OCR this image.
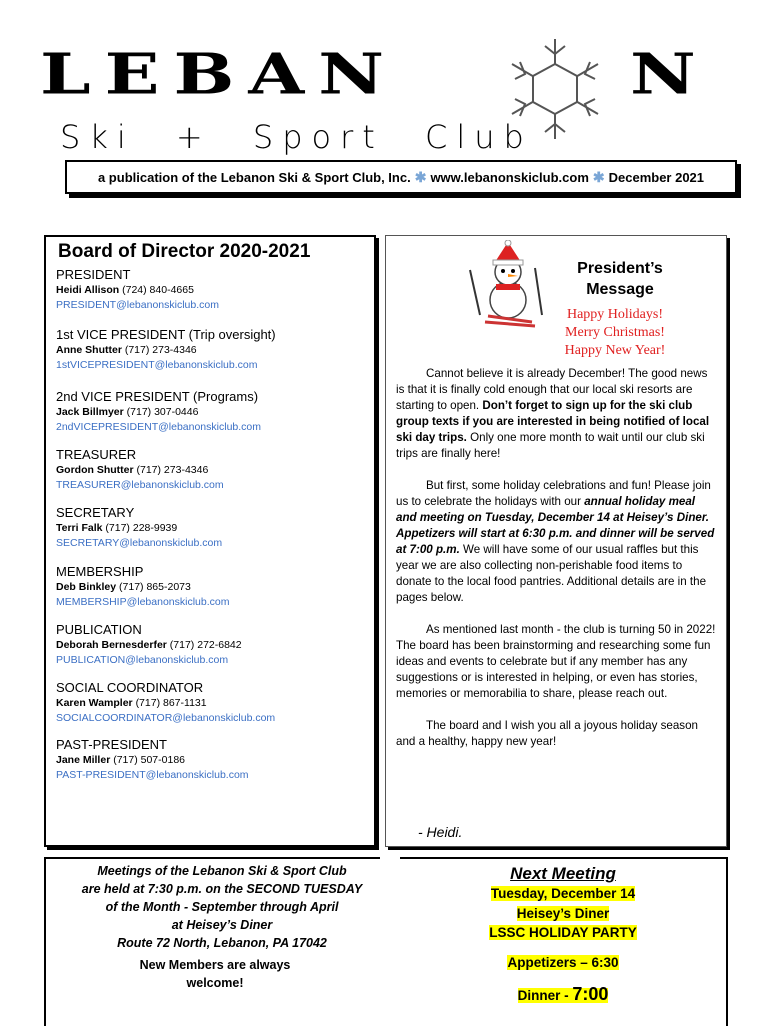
LEBAN	N
Ski + Sport Club
a publication of the Lebanon Ski & Sport Club, Inc. ✱ www.lebanonskiclub.com ✱ December 2021
Board of Director 2020-2021
PRESIDENT
Heidi Allison (724) 840-4665
PRESIDENT@lebanonskiclub.com
1st VICE PRESIDENT (Trip oversight)
Anne Shutter (717) 273-4346
1stVICEPRESIDENT@lebanonskiclub.com
2nd VICE PRESIDENT (Programs)
Jack Billmyer (717) 307-0446
2ndVICEPRESIDENT@lebanonskiclub.com
TREASURER
Gordon Shutter (717) 273-4346
TREASURER@lebanonskiclub.com
SECRETARY
Terri Falk (717) 228-9939
SECRETARY@lebanonskiclub.com
MEMBERSHIP
Deb Binkley (717) 865-2073
MEMBERSHIP@lebanonskiclub.com
PUBLICATION
Deborah Bernesderfer (717) 272-6842
PUBLICATION@lebanonskiclub.com
SOCIAL COORDINATOR
Karen Wampler (717) 867-1131
SOCIALCOORDINATOR@lebanonskiclub.com
PAST-PRESIDENT
Jane Miller (717) 507-0186
PAST-PRESIDENT@lebanonskiclub.com
President’s
Message
Happy Holidays!
Merry Christmas!
Happy New Year!

Cannot believe it is already December! The good news is that it is finally cold enough that our local ski resorts are starting to open. Don’t forget to sign up for the ski club group texts if you are interested in being notified of local ski day trips. Only one more month to wait until our club ski trips are finally here!

But first, some holiday celebrations and fun! Please join us to celebrate the holidays with our annual holiday meal and meeting on Tuesday, December 14 at Heisey’s Diner. Appetizers will start at 6:30 p.m. and dinner will be served at 7:00 p.m. We will have some of our usual raffles but this year we are also collecting non-perishable food items to donate to the local food pantries. Additional details are in the pages below.

As mentioned last month - the club is turning 50 in 2022! The board has been brainstorming and researching some fun ideas and events to celebrate but if any member has any suggestions or is interested in helping, or even has stories, memories or memorabilia to share, please reach out.

The board and I wish you all a joyous holiday season and a healthy, happy new year!

- Heidi.
Meetings of the Lebanon Ski & Sport Club
are held at 7:30 p.m. on the SECOND TUESDAY
of the Month - September through April
at Heisey’s Diner
Route 72 North, Lebanon, PA 17042
New Members are always
welcome!
Next Meeting
Tuesday, December 14
Heisey’s Diner
LSSC HOLIDAY PARTY
Appetizers – 6:30
Dinner - 7:00
